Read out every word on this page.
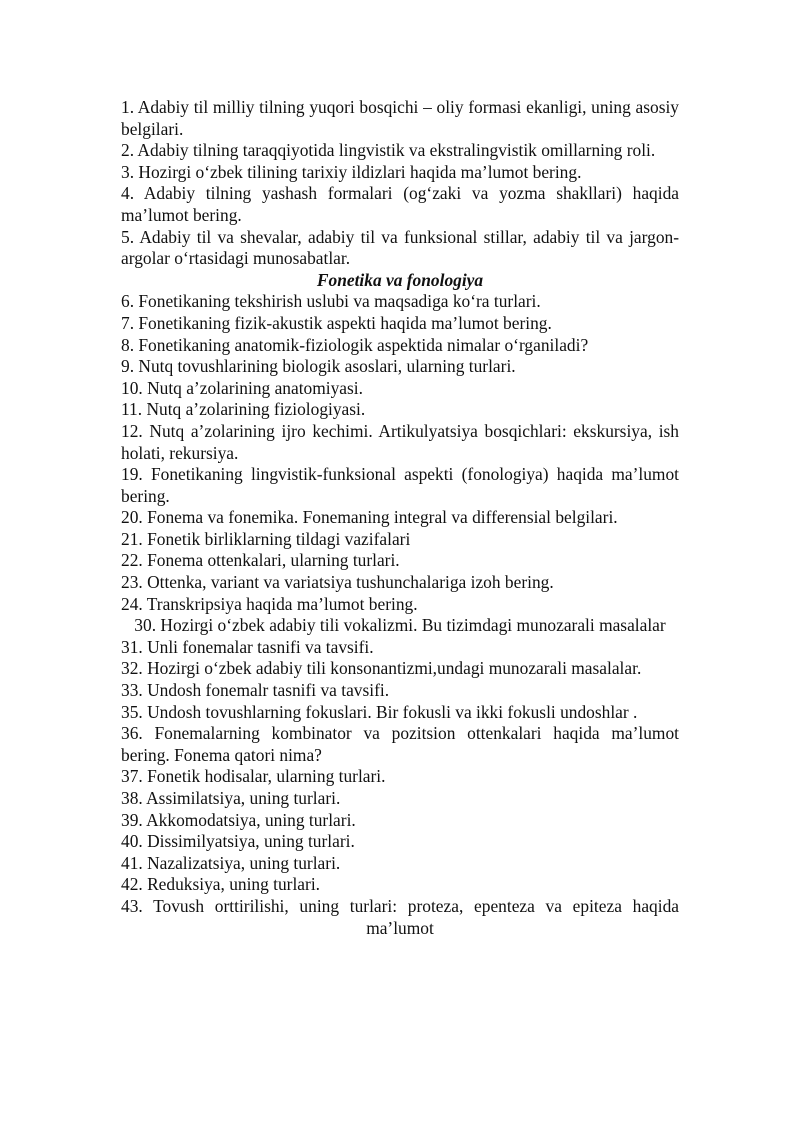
1. Adabiy til milliy tilning yuqori bosqichi – oliy formasi ekanligi, uning asosiy belgilari.

2. Adabiy tilning taraqqiyotida lingvistik va ekstralingvistik omillarning roli.

3. Hozirgi oʻzbek tilining tarixiy ildizlari haqida maʼlumot bering.

4. Adabiy tilning yashash formalari (ogʻzaki va yozma shakllari) haqida maʼlumot bering.

5. Adabiy til va shevalar, adabiy til va funksional stillar, adabiy til va jargon-argolar oʻrtasidagi munosabatlar.

Fonetika va fonologiya

6. Fonetikaning tekshirish uslubi va maqsadiga koʻra turlari.

7. Fonetikaning fizik-akustik aspekti haqida maʼlumot bering.

8. Fonetikaning anatomik-fiziologik aspektida nimalar oʻrganiladi?

9. Nutq tovushlarining biologik asoslari, ularning turlari.

10. Nutq a’zolarining anatomiyasi.

11. Nutq a’zolarining fiziologiyasi.

12. Nutq a’zolarining ijro kechimi. Artikulyatsiya bosqichlari: ekskursiya, ish holati, rekursiya.

19. Fonetikaning lingvistik-funksional aspekti (fonologiya) haqida maʼlumot bering.

20. Fonema va fonemika. Fonemaning integral va differensial belgilari.

21. Fonetik birliklarning tildagi vazifalari

22. Fonema ottenkalari, ularning turlari.

23. Ottenka, variant va variatsiya tushunchalariga izoh bering.

24. Transkripsiya haqida maʼlumot bering.

30. Hozirgi oʻzbek adabiy tili vokalizmi. Bu tizimdagi munozarali masalalar

31. Unli fonemalar tasnifi va tavsifi.

32. Hozirgi oʻzbek adabiy tili konsonantizmi,undagi munozarali masalalar.

33. Undosh fonemalr tasnifi va tavsifi.

35. Undosh tovushlarning fokuslari. Bir fokusli va ikki fokusli undoshlar .

36. Fonemalarning kombinator va pozitsion ottenkalari haqida maʼlumot bering. Fonema qatori nima?

37. Fonetik hodisalar, ularning turlari.

38. Assimilatsiya, uning turlari.

39. Akkomodatsiya, uning turlari.

40. Dissimilyatsiya, uning turlari.

41. Nazalizatsiya, uning turlari.

42. Reduksiya, uning turlari.

43. Tovush orttirilishi, uning turlari: proteza, epenteza va epiteza haqida maʼlumot
